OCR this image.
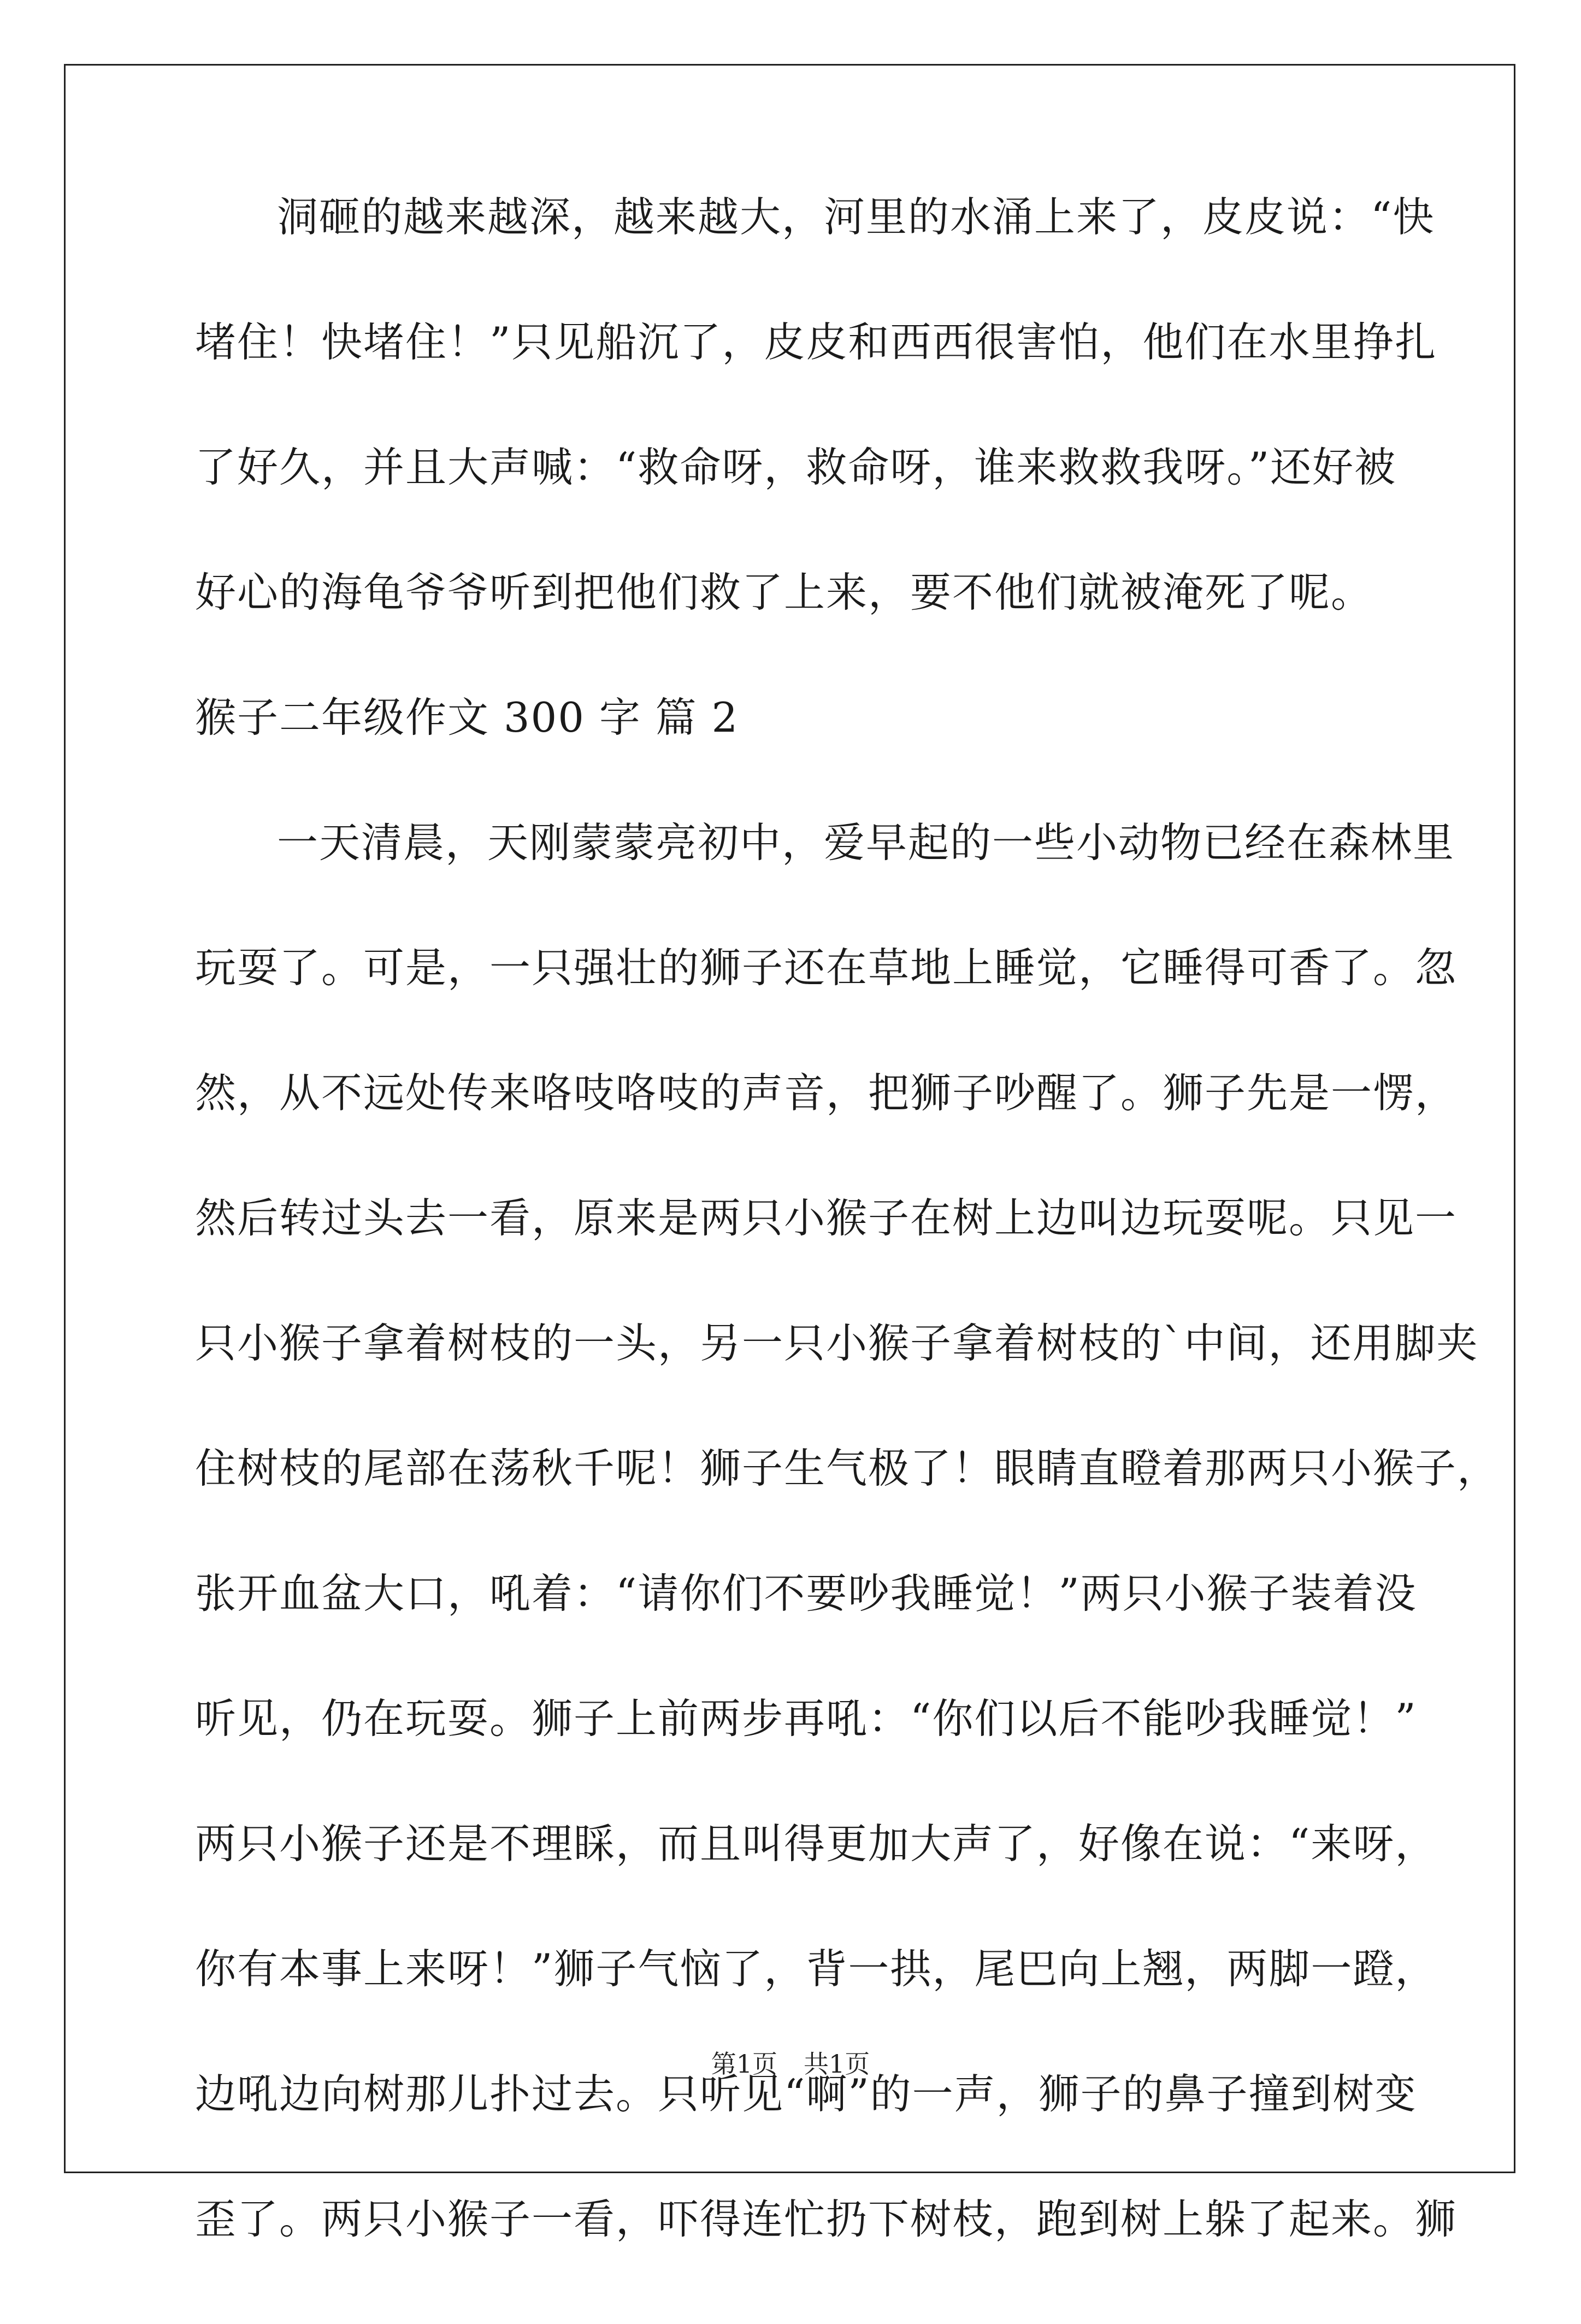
洞砸的越来越深，越来越大，河里的水涌上来了，皮皮说：“快
堵住！快堵住！”只见船沉了，皮皮和西西很害怕，他们在水里挣扎
了好久，并且大声喊：“救命呀，救命呀，谁来救救我呀。”还好被
好心的海龟爷爷听到把他们救了上来，要不他们就被淹死了呢。
猴子二年级作文 300 字 篇 2
一天清晨，天刚蒙蒙亮初中，爱早起的一些小动物已经在森林里
玩耍了。可是，一只强壮的狮子还在草地上睡觉，它睡得可香了。忽
然，从不远处传来咯吱咯吱的声音，把狮子吵醒了。狮子先是一愣，
然后转过头去一看，原来是两只小猴子在树上边叫边玩耍呢。只见一
只小猴子拿着树枝的一头，另一只小猴子拿着树枝的`中间，还用脚夹
住树枝的尾部在荡秋千呢！狮子生气极了！眼睛直瞪着那两只小猴子，
张开血盆大口，吼着：“请你们不要吵我睡觉！”两只小猴子装着没
听见，仍在玩耍。狮子上前两步再吼：“你们以后不能吵我睡觉！”
两只小猴子还是不理睬，而且叫得更加大声了，好像在说：“来呀，
你有本事上来呀！”狮子气恼了，背一拱，尾巴向上翘，两脚一蹬，
边吼边向树那儿扑过去。只听见“啊”的一声，狮子的鼻子撞到树变
歪了。两只小猴子一看，吓得连忙扔下树枝，跑到树上躲了起来。狮
第1页 共1页
